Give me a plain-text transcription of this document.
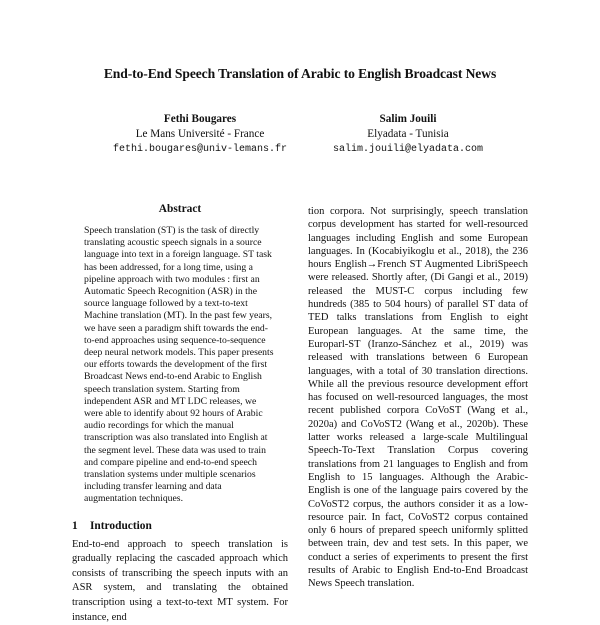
End-to-End Speech Translation of Arabic to English Broadcast News
Fethi Bougares
Le Mans Université - France
fethi.bougares@univ-lemans.fr
Salim Jouili
Elyadata - Tunisia
salim.jouili@elyadata.com
Abstract

Speech translation (ST) is the task of directly translating acoustic speech signals in a source language into text in a foreign language. ST task has been addressed, for a long time, using a pipeline approach with two modules : first an Automatic Speech Recognition (ASR) in the source language followed by a text-to-text Machine translation (MT). In the past few years, we have seen a paradigm shift towards the end-to-end approaches using sequence-to-sequence deep neural network models. This paper presents our efforts towards the development of the first Broadcast News end-to-end Arabic to English speech translation system. Starting from independent ASR and MT LDC releases, we were able to identify about 92 hours of Arabic audio recordings for which the manual transcription was also translated into English at the segment level. These data was used to train and compare pipeline and end-to-end speech translation systems under multiple scenarios including transfer learning and data augmentation techniques.

1 Introduction

End-to-end approach to speech translation is gradually replacing the cascaded approach which consists of transcribing the speech inputs with an ASR system, and translating the obtained transcription using a text-to-text MT system. For instance, end

tion corpora. Not surprisingly, speech translation corpus development has started for well-resourced languages including English and some European languages. In (Kocabiyikoglu et al., 2018), the 236 hours English→French ST Augmented LibriSpeech were released. Shortly after, (Di Gangi et al., 2019) released the MUST-C corpus including few hundreds (385 to 504 hours) of parallel ST data of TED talks translations from English to eight European languages. At the same time, the Europarl-ST (Iranzo-Sánchez et al., 2019) was released with translations between 6 European languages, with a total of 30 translation directions. While all the previous resource development effort has focused on well-resourced languages, the most recent published corpora CoVoST (Wang et al., 2020a) and CoVoST2 (Wang et al., 2020b). These latter works released a large-scale Multilingual Speech-To-Text Translation Corpus covering translations from 21 languages to English and from English to 15 languages. Although the Arabic-English is one of the language pairs covered by the CoVoST2 corpus, the authors consider it as a low-resource pair. In fact, CoVoST2 corpus contained only 6 hours of prepared speech uniformly splitted between train, dev and test sets. In this paper, we conduct a series of experiments to present the first results of Arabic to English End-to-End Broadcast News Speech translation.
